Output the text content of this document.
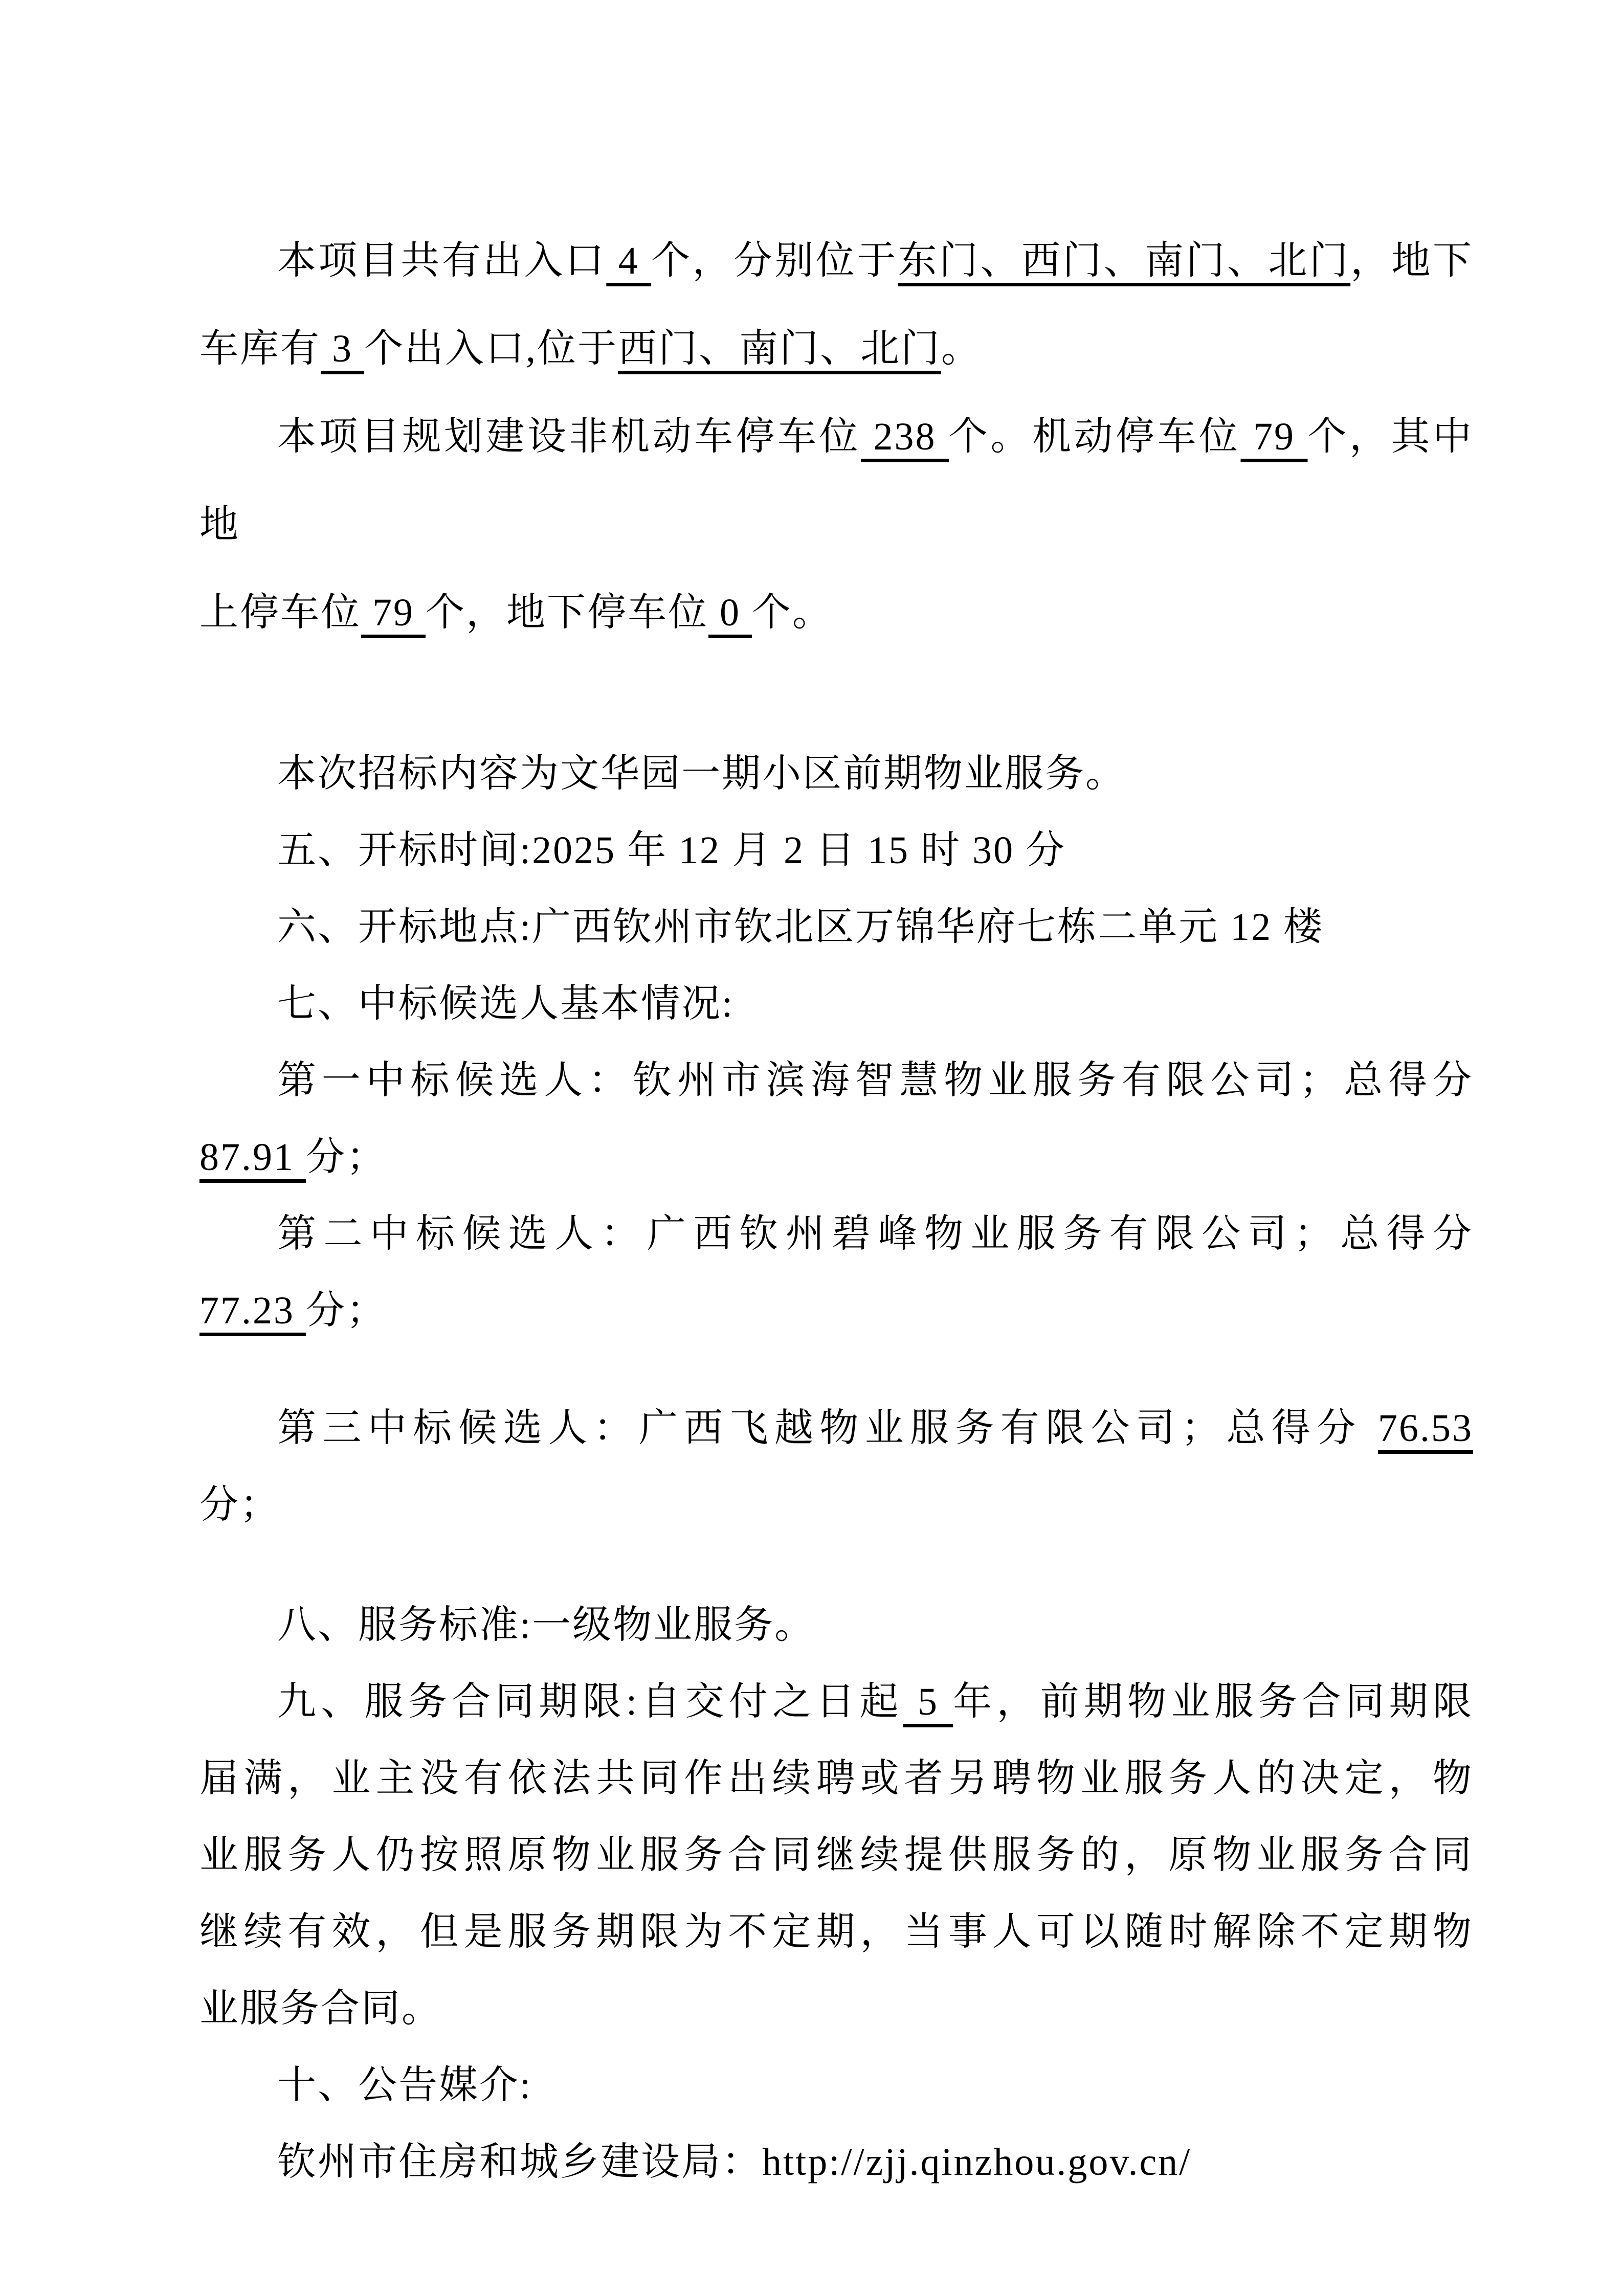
本项目共有出入口 4 个，分别位于东门、西门、南门、北门，地下
车库有 3 个出入口,位于西门、南门、北门。
本项目规划建设非机动车停车位 238 个。机动停车位 79 个，其中地
上停车位 79 个，地下停车位 0 个。
本次招标内容为文华园一期小区前期物业服务。
五、开标时间:2025 年 12 月 2 日 15 时 30 分
六、开标地点:广西钦州市钦北区万锦华府七栋二单元 12 楼
七、中标候选人基本情况:
第一中标候选人：钦州市滨海智慧物业服务有限公司；总得分
87.91 分；
第二中标候选人：广西钦州碧峰物业服务有限公司；总得分
77.23 分；
第三中标候选人：广西飞越物业服务有限公司；总得分 76.53
分；
八、服务标准:一级物业服务。
九、服务合同期限:自交付之日起 5 年，前期物业服务合同期限
届满，业主没有依法共同作出续聘或者另聘物业服务人的决定，物
业服务人仍按照原物业服务合同继续提供服务的，原物业服务合同
继续有效，但是服务期限为不定期，当事人可以随时解除不定期物
业服务合同。
十、公告媒介:
钦州市住房和城乡建设局：http://zjj.qinzhou.gov.cn/
